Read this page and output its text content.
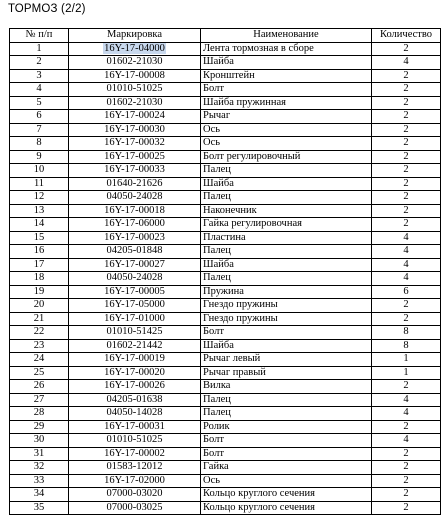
ТОРМОЗ (2/2)
№ п/п	Маркировка	Наименование	Количество
1	16Y-17-04000	Лента тормозная в сборе	2
2	01602-21030	Шайба	4
3	16Y-17-00008	Кронштейн	2
4	01010-51025	Болт	2
5	01602-21030	Шайба пружинная	2
6	16Y-17-00024	Рычаг	2
7	16Y-17-00030	Ось	2
8	16Y-17-00032	Ось	2
9	16Y-17-00025	Болт регулировочный	2
10	16Y-17-00033	Палец	2
11	01640-21626	Шайба	2
12	04050-24028	Палец	2
13	16Y-17-00018	Наконечник	2
14	16Y-17-06000	Гайка регулировочная	2
15	16Y-17-00023	Пластина	4
16	04205-01848	Палец	4
17	16Y-17-00027	Шайба	4
18	04050-24028	Палец	4
19	16Y-17-00005	Пружина	6
20	16Y-17-05000	Гнездо пружины	2
21	16Y-17-01000	Гнездо пружины	2
22	01010-51425	Болт	8
23	01602-21442	Шайба	8
24	16Y-17-00019	Рычаг левый	1
25	16Y-17-00020	Рычаг правый	1
26	16Y-17-00026	Вилка	2
27	04205-01638	Палец	4
28	04050-14028	Палец	4
29	16Y-17-00031	Ролик	2
30	01010-51025	Болт	4
31	16Y-17-00002	Болт	2
32	01583-12012	Гайка	2
33	16Y-17-02000	Ось	2
34	07000-03020	Кольцо круглого сечения	2
35	07000-03025	Кольцо круглого сечения	2
